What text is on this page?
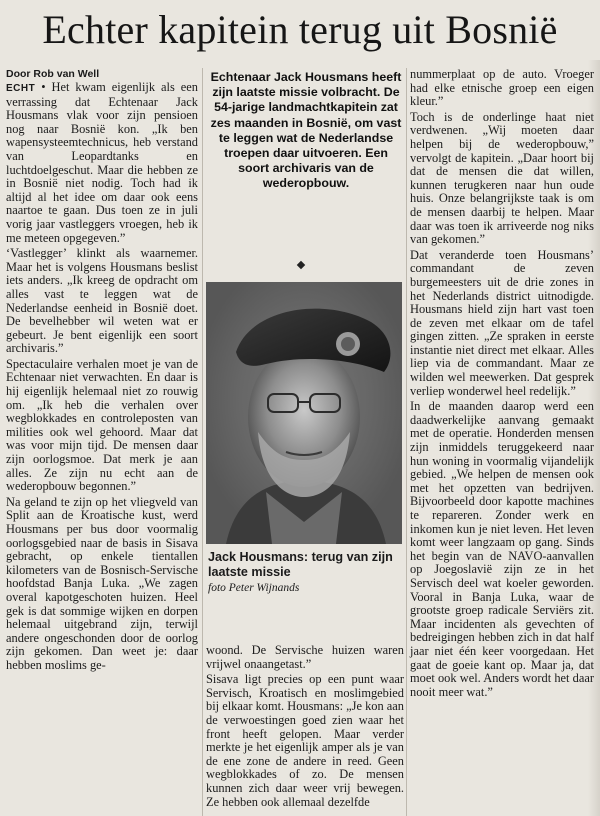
Echter kapitein terug uit Bosnië
Door Rob van Well

ECHT • Het kwam eigenlijk als een verrassing dat Echtenaar Jack Housmans vlak voor zijn pensioen nog naar Bosnië kon. „Ik ben wapensysteemtechnicus, heb verstand van Leopardtanks en luchtdoelgeschut. Maar die hebben ze in Bosnië niet nodig. Toch had ik altijd al het idee om daar ook eens naartoe te gaan. Dus toen ze in juli vorig jaar vastleggers vroegen, heb ik me meteen opgegeven.”

‘Vastlegger’ klinkt als waarnemer. Maar het is volgens Housmans beslist iets anders. „Ik kreeg de opdracht om alles vast te leggen wat de Nederlandse eenheid in Bosnië doet. De bevelhebber wil weten wat er gebeurt. Je bent eigenlijk een soort archivaris.”

Spectaculaire verhalen moet je van de Echtenaar niet verwachten. En daar is hij eigenlijk helemaal niet zo rouwig om. „Ik heb die verhalen over wegblokkades en controleposten van milities ook wel gehoord. Maar dat was voor mijn tijd. De mensen daar zijn oorlogsmoe. Dat merk je aan alles. Ze zijn nu echt aan de wederopbouw begonnen.”

Na geland te zijn op het vliegveld van Split aan de Kroatische kust, werd Housmans per bus door voormalig oorlogsgebied naar de basis in Sisava gebracht, op enkele tientallen kilometers van de Bosnisch-Servische hoofdstad Banja Luka. „We zagen overal kapotgeschoten huizen. Heel gek is dat sommige wijken en dorpen helemaal uitgebrand zijn, terwijl andere ongeschonden door de oorlog zijn gekomen. Dan weet je: daar hebben moslims ge-

Echtenaar Jack Housmans heeft zijn laatste missie volbracht. De 54-jarige landmachtkapitein zat zes maanden in Bosnië, om vast te leggen wat de Nederlandse troepen daar uitvoeren. Een soort archivaris van de wederopbouw.
Jack Housmans: terug van zijn laatste missie
foto Peter Wijnands

woond. De Servische huizen waren vrijwel onaangetast.”

Sisava ligt precies op een punt waar Servisch, Kroatisch en moslimgebied bij elkaar komt. Housmans: „Je kon aan de verwoestingen goed zien waar het front heeft gelopen. Maar verder merkte je het eigenlijk amper als je van de ene zone de andere in reed. Geen wegblokkades of zo. De mensen kunnen zich daar weer vrij bewegen. Ze hebben ook allemaal dezelfde

nummerplaat op de auto. Vroeger had elke etnische groep een eigen kleur.”

Toch is de onderlinge haat niet verdwenen. „Wij moeten daar helpen bij de wederopbouw,” vervolgt de kapitein. „Daar hoort bij dat de mensen die dat willen, kunnen terugkeren naar hun oude huis. Onze belangrijkste taak is om de mensen daarbij te helpen. Maar daar was toen ik arriveerde nog niks van gekomen.”

Dat veranderde toen Housmans’ commandant de zeven burgemeesters uit de drie zones in het Nederlands district uitnodigde. Housmans hield zijn hart vast toen de zeven met elkaar om de tafel gingen zitten. „Ze spraken in eerste instantie niet direct met elkaar. Alles liep via de commandant. Maar ze wilden wel meewerken. Dat gesprek verliep wonderwel heel redelijk.”

In de maanden daarop werd een daadwerkelijke aanvang gemaakt met de operatie. Honderden mensen zijn inmiddels teruggekeerd naar hun woning in voormalig vijandelijk gebied. „We helpen de mensen ook met het opzetten van bedrijven. Bijvoorbeeld door kapotte machines te repareren. Zonder werk en inkomen kun je niet leven. Het leven komt weer langzaam op gang. Sinds het begin van de NAVO-aanvallen op Joegoslavië zijn ze in het Servisch deel wat koeler geworden. Vooral in Banja Luka, waar de grootste groep radicale Serviërs zit. Maar incidenten als gevechten of bedreigingen hebben zich in dat half jaar niet één keer voorgedaan. Het gaat de goeie kant op. Maar ja, dat moet ook wel. Anders wordt het daar nooit meer wat.”
